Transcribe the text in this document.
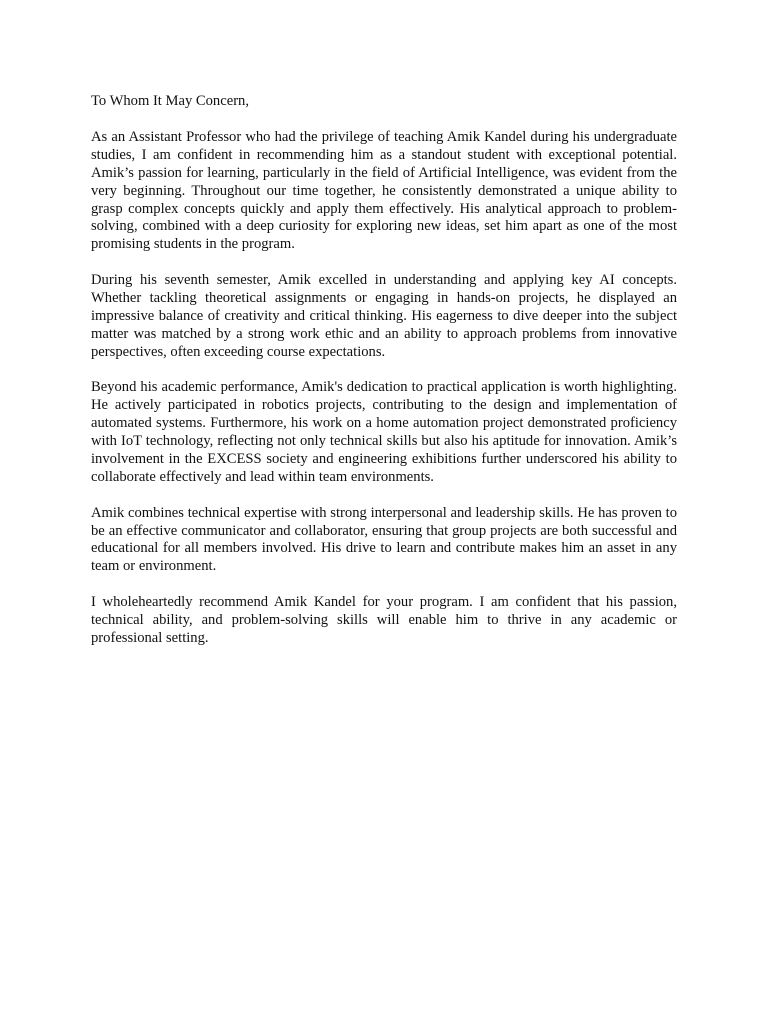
To Whom It May Concern,

As an Assistant Professor who had the privilege of teaching Amik Kandel during his undergraduate studies, I am confident in recommending him as a standout student with exceptional potential. Amik’s passion for learning, particularly in the field of Artificial Intelligence, was evident from the very beginning. Throughout our time together, he consistently demonstrated a unique ability to grasp complex concepts quickly and apply them effectively. His analytical approach to problem-solving, combined with a deep curiosity for exploring new ideas, set him apart as one of the most promising students in the program.

During his seventh semester, Amik excelled in understanding and applying key AI concepts. Whether tackling theoretical assignments or engaging in hands-on projects, he displayed an impressive balance of creativity and critical thinking. His eagerness to dive deeper into the subject matter was matched by a strong work ethic and an ability to approach problems from innovative perspectives, often exceeding course expectations.

Beyond his academic performance, Amik's dedication to practical application is worth highlighting. He actively participated in robotics projects, contributing to the design and implementation of automated systems. Furthermore, his work on a home automation project demonstrated proficiency with IoT technology, reflecting not only technical skills but also his aptitude for innovation. Amik’s involvement in the EXCESS society and engineering exhibitions further underscored his ability to collaborate effectively and lead within team environments.

Amik combines technical expertise with strong interpersonal and leadership skills. He has proven to be an effective communicator and collaborator, ensuring that group projects are both successful and educational for all members involved. His drive to learn and contribute makes him an asset in any team or environment.

I wholeheartedly recommend Amik Kandel for your program. I am confident that his passion, technical ability, and problem-solving skills will enable him to thrive in any academic or professional setting.
